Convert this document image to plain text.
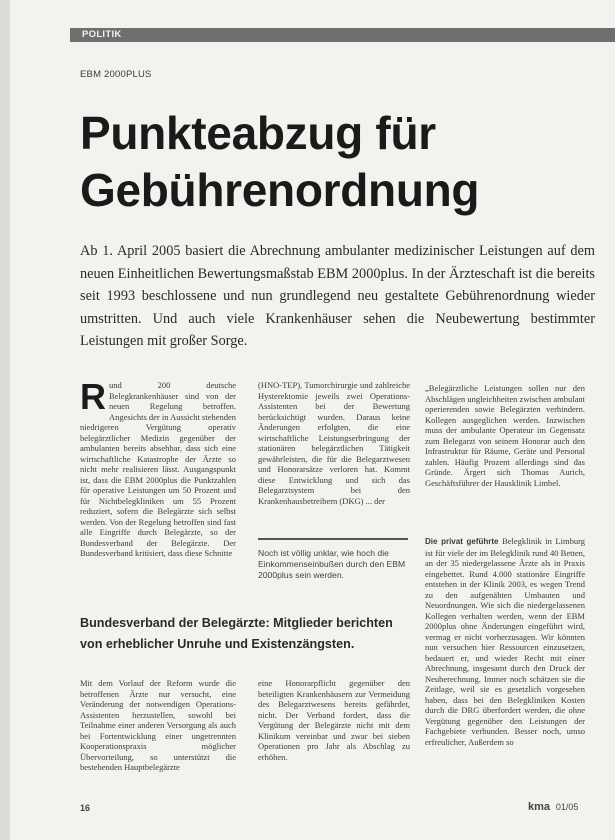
POLITIK
EBM 2000PLUS
Punkteabzug für
Gebührenordnung

Ab 1. April 2005 basiert die Abrechnung ambulanter medizinischer Leistungen auf dem neuen Einheitlichen Bewertungsmaßstab EBM 2000plus. In der Ärzteschaft ist die bereits seit 1993 beschlossene und nun grundlegend neu gestaltete Gebührenordnung wieder umstritten. Und auch viele Krankenhäuser sehen die Neubewertung bestimmter Leistungen mit großer Sorge.

R und 200 deutsche Belegkrankenhäuser sind von der neuen Regelung betroffen. Angesichts der in Aussicht stehenden niedrigeren Vergütung operativ belegärztlicher Medizin gegenüber der ambulanten bereits absehbar, dass sich eine wirtschaftliche Katastrophe der Ärzte so nicht mehr realisieren lässt. Ausgangspunkt ist, dass die EBM 2000plus die Punktzahlen für operative Leistungen um 50 Prozent und für Nichtbelegkliniken um 55 Prozent reduziert, sofern die Belegärzte sich selbst werden. Von der Regelung betroffen sind fast alle Eingriffe durch Belegärzte, so der Bundesverband der Belegärzte. Der Bundesverband kritisiert, dass diese Schnitte
(HNO-TEP), Tumorchirurgie und zahlreiche Hysterektomie jeweils zwei Operations-Assistenten bei der Bewertung berücksichtigt wurden. Daraus keine Änderungen erfolgten, die eine wirtschaftliche Leistungserbringung der stationären belegärztlichen Tätigkeit gewährleisten, die für die Belegarztwesen und Honorarsätze verloren hat. Kommt diese Entwicklung und sich das Belegarztsystem bei den Krankenhausbetreibern (DKG) ... der
Noch ist völlig unklar, wie hoch die Einkommenseinbußen durch den EBM 2000plus sein werden.
„Belegärztliche Leistungen sollen nur den Abschlägen ungleichheiten zwischen ambulant operierenden sowie Belegärzten verhindern. Kollegen ausgeglichen werden. Inzwischen muss der ambulante Operateur im Gegensatz zum Belegarzt von seinem Honorar auch den Infrastruktur für Räume, Geräte und Personal zahlen. Häufig Prozent allerdings sind das Gründe. Ärgert sich Thomas Aurich, Geschäftsführer der Hausklinik Limbel.
Die privat geführte Belegklinik in Limburg ist für viele der im Belegklinik rund 40 Betten, an der 35 niedergelassene Ärzte als in Praxis eingebettet. Rund 4.000 stationäre Eingriffe entstehen in der Klinik 2003, es wegen Trend zu den aufgenähten Umbauten und Neuordnungen. Wie sich die niedergelassenen Kollegen verhalten werden, wenn der EBM 2000plus ohne Änderungen eingeführt wird, vermag er nicht vorherzusagen. Wir könnten nun versuchen hier Ressourcen einzusetzen, bedauert er, und wieder Recht mit einer Abrechnung, insgesamt durch den Druck der Neuberechnung. Immer noch schätzen sie die Zeitlage, weil sie es gesetzlich vorgesehen haben, dass bei den Belegkliniken Kosten durch die DRG überfordert werden, die ohne Vergütung gegenüber den Leistungen der Fachgebiete verbunden. Besser noch, umso erfreulicher, Außerdem so
Bundesverband der Belegärzte: Mitglieder berichten von erheblicher Unruhe und Existenzängsten.
Mit dem Vorlauf der Reform wurde die betroffenen Ärzte nur versucht, eine Veränderung der notwendigen Operations-Assistenten herzustellen, sowohl bei Teilnahme einer anderen Versorgung als auch bei Fortentwicklung einer ungetrennten Kooperationspraxis möglicher Übervorteilung, so unterstützt die bestehenden Hauptbelegärzte
eine Honorarpflicht gegenüber den beteiligten Krankenhäusern zur Vermeidung des Belegarztwesens bereits gefährdet, nicht. Der Verband fordert, dass die Vergütung der Belegärzte nicht mit dem Klinikum vereinbar und zwar bei sieben Operationen pro Jahr als Abschlag zu erhöhen.
16	kma 01/05
